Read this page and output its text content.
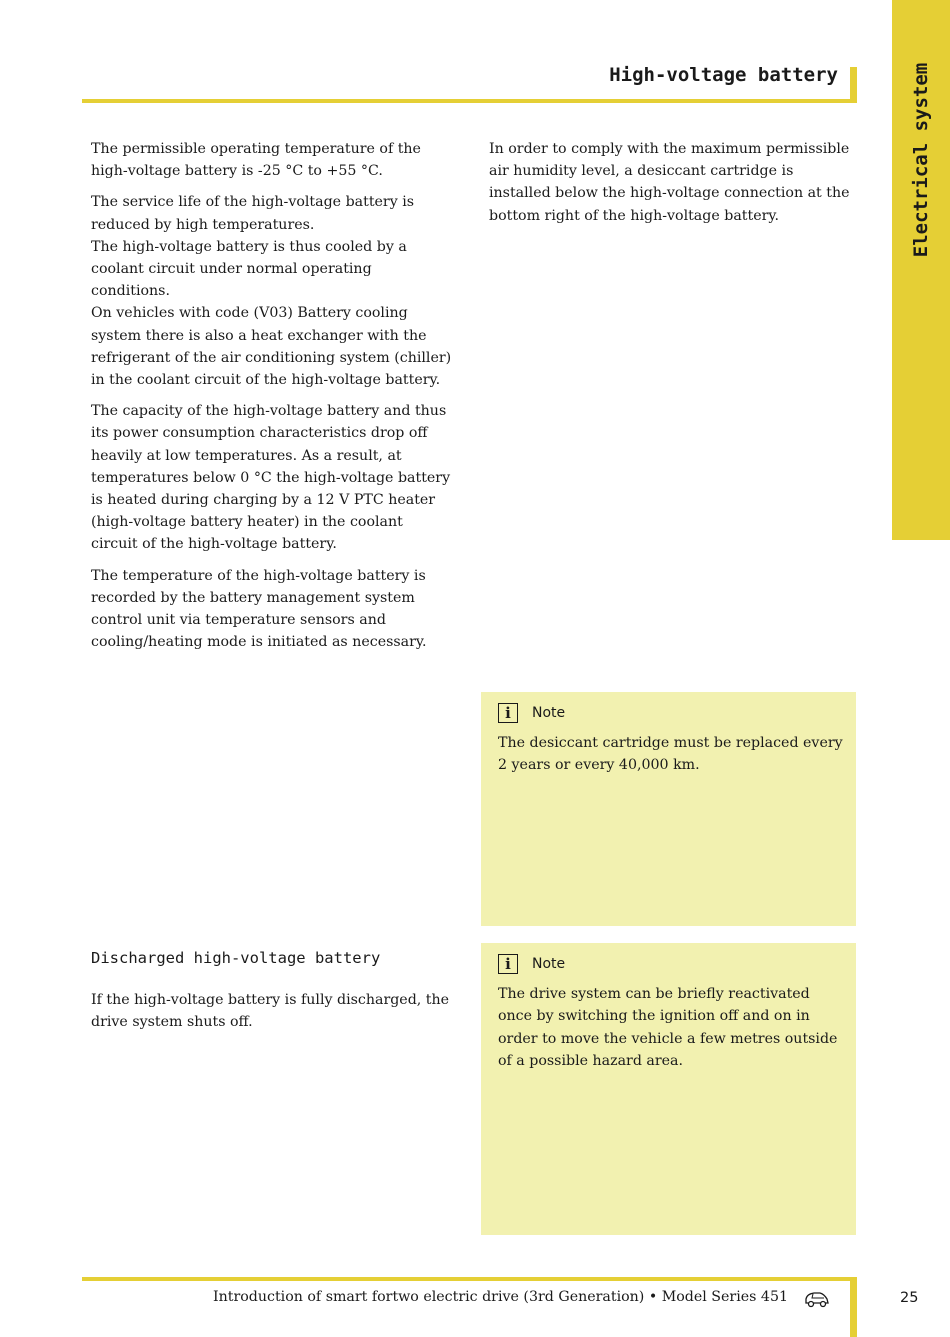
Electrical system
High-voltage battery

The permissible operating temperature of the high-voltage battery is -25 °C to +55 °C.

The service life of the high-voltage battery is reduced by high temperatures.
The high-voltage battery is thus cooled by a coolant circuit under normal operating conditions.
On vehicles with code (V03) Battery cooling system there is also a heat exchanger with the refrigerant of the air conditioning system (chiller) in the coolant circuit of the high-voltage battery.

The capacity of the high-voltage battery and thus its power consumption characteristics drop off heavily at low temperatures. As a result, at temperatures below 0 °C the high-voltage battery is heated during charging by a 12 V PTC heater (high-voltage battery heater) in the coolant circuit of the high-voltage battery.

The temperature of the high-voltage battery is recorded by the battery management system control unit via temperature sensors and cooling/heating mode is initiated as necessary.

In order to comply with the maximum permissible air humidity level, a desiccant cartridge is installed below the high-voltage connection at the bottom right of the high-voltage battery.

i	Note

The desiccant cartridge must be replaced every 2 years or every 40,000 km.

Discharged high-voltage battery

If the high-voltage battery is fully discharged, the drive system shuts off.

i	Note

The drive system can be briefly reactivated once by switching the ignition off and on in order to move the vehicle a few metres outside of a possible hazard area.

Introduction of smart fortwo electric drive (3rd Generation) • Model Series 451	25
